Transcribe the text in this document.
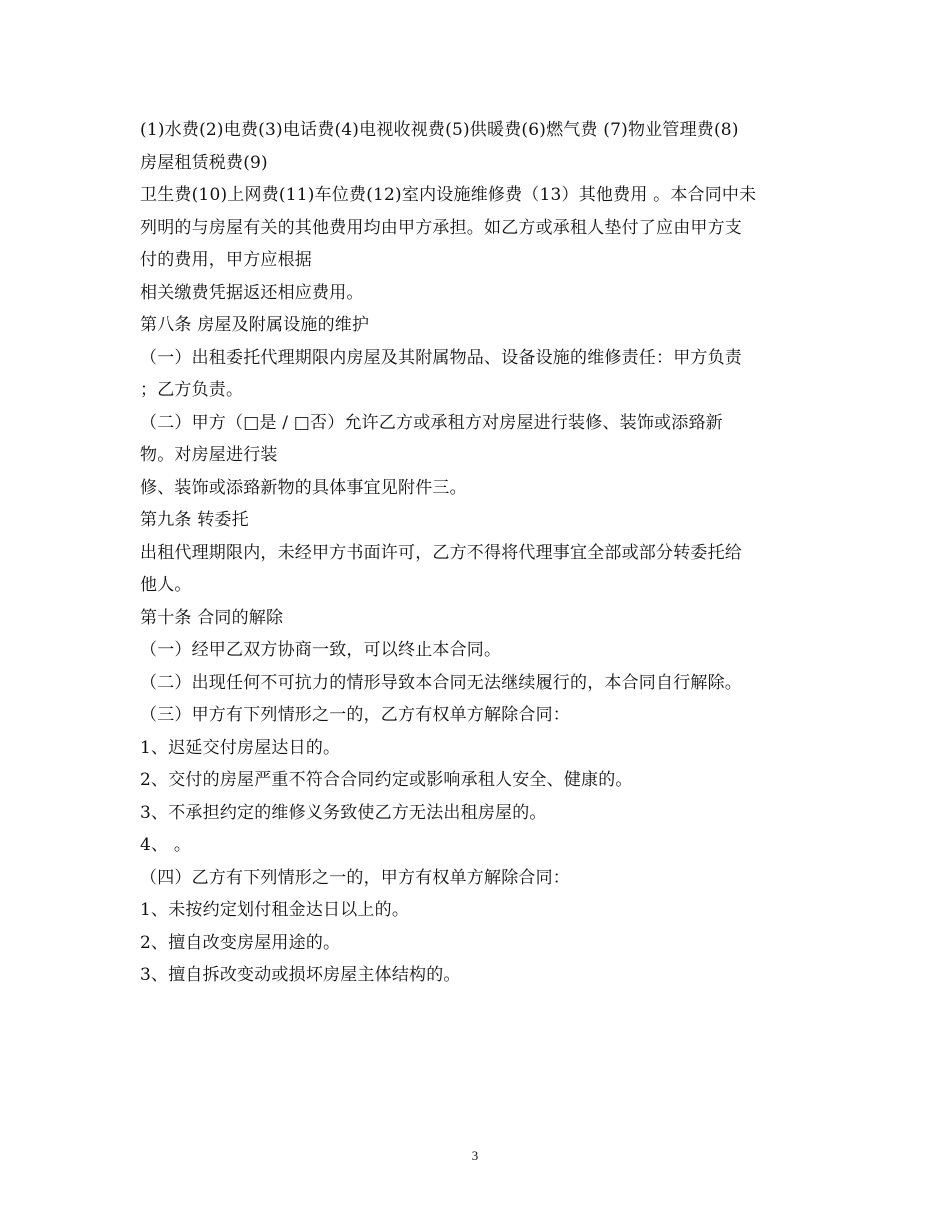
(1)水费(2)电费(3)电话费(4)电视收视费(5)供暖费(6)燃气费 (7)物业管理费(8)
房屋租赁税费(9)
卫生费(10)上网费(11)车位费(12)室内设施维修费（13）其他费用 。本合同中未
列明的与房屋有关的其他费用均由甲方承担。如乙方或承租人垫付了应由甲方支
付的费用，甲方应根据
相关缴费凭据返还相应费用。
第八条 房屋及附属设施的维护
（一）出租委托代理期限内房屋及其附属物品、设备设施的维修责任：甲方负责
；乙方负责。
（二）甲方（□是 / □否）允许乙方或承租方对房屋进行装修、装饰或添臵新
物。对房屋进行装
修、装饰或添臵新物的具体事宜见附件三。
第九条 转委托
出租代理期限内，未经甲方书面许可，乙方不得将代理事宜全部或部分转委托给
他人。
第十条 合同的解除
（一）经甲乙双方协商一致，可以终止本合同。
（二）出现任何不可抗力的情形导致本合同无法继续履行的，本合同自行解除。
（三）甲方有下列情形之一的，乙方有权单方解除合同：
1、迟延交付房屋达日的。
2、交付的房屋严重不符合合同约定或影响承租人安全、健康的。
3、不承担约定的维修义务致使乙方无法出租房屋的。
4、 。
（四）乙方有下列情形之一的，甲方有权单方解除合同：
1、未按约定划付租金达日以上的。
2、擅自改变房屋用途的。
3、擅自拆改变动或损坏房屋主体结构的。
3
